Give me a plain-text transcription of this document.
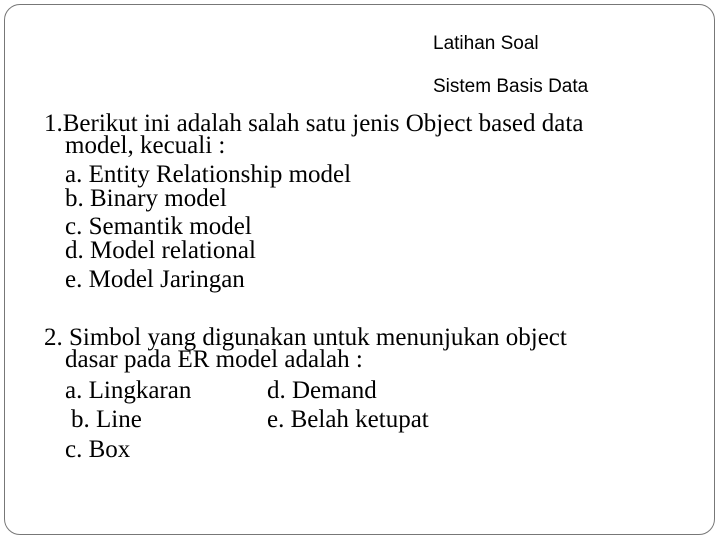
Latihan Soal
Sistem Basis Data
1.Berikut ini adalah salah satu jenis Object based data
model, kecuali :
a. Entity Relationship model
b. Binary model
c. Semantik model
d. Model relational
e. Model Jaringan
2. Simbol yang digunakan untuk menunjukan object
dasar pada ER model adalah :
a. Lingkaran	d. Demand
b. Line	e. Belah ketupat
c. Box
